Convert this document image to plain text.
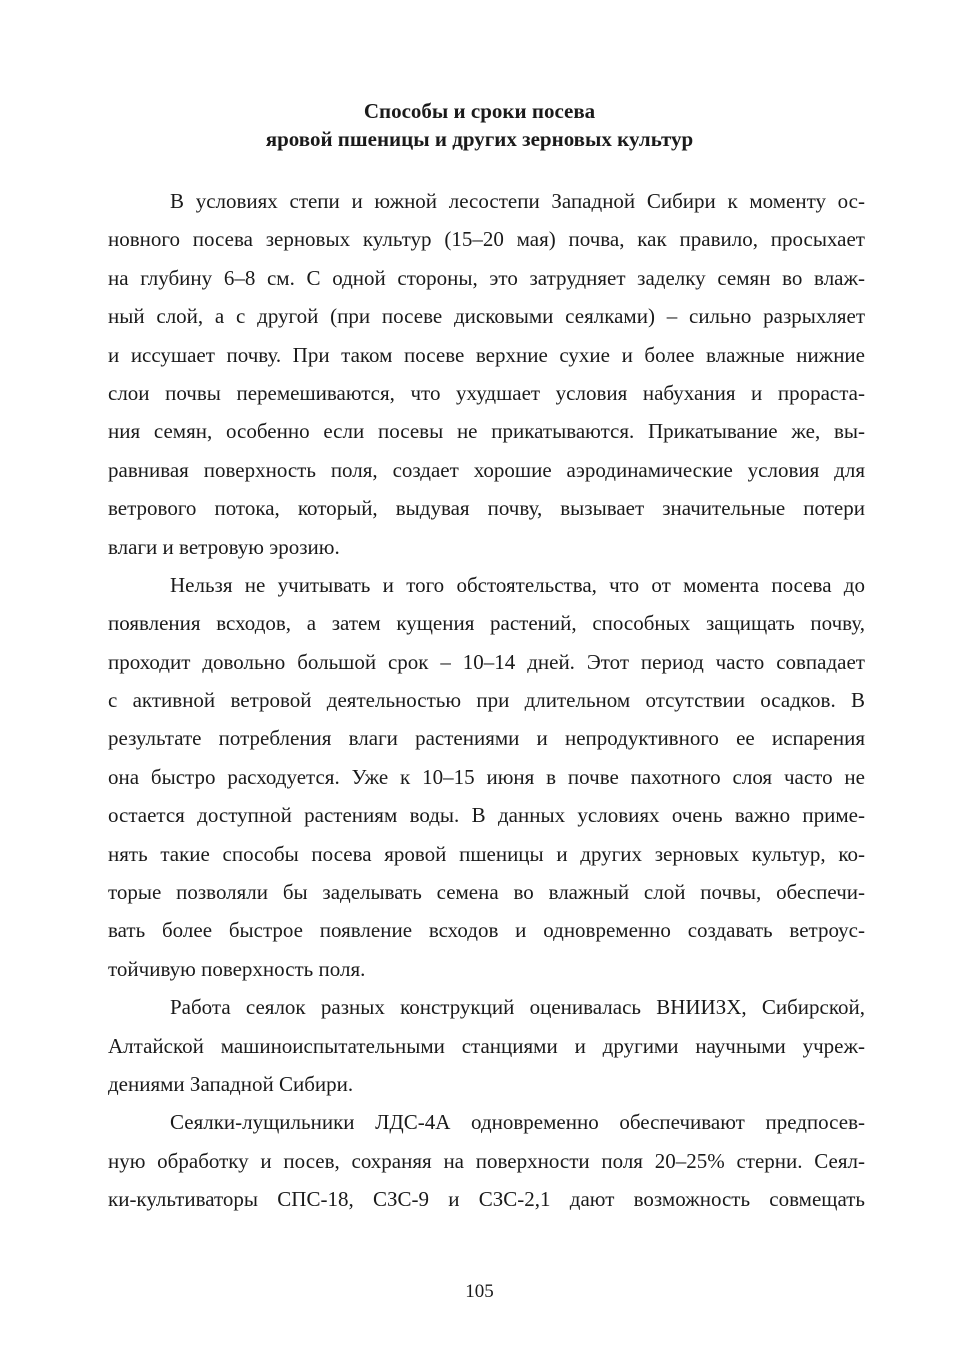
Способы и сроки посева
яровой пшеницы и других зерновых культур
В условиях степи и южной лесостепи Западной Сибири к моменту ос-
новного посева зерновых культур (15–20 мая) почва, как правило, просыхает
на глубину 6–8 см. С одной стороны, это затрудняет заделку семян во влаж-
ный слой, а с другой (при посеве дисковыми сеялками) – сильно разрыхляет
и иссушает почву. При таком посеве верхние сухие и более влажные нижние
слои почвы перемешиваются, что ухудшает условия набухания и прораста-
ния семян, особенно если посевы не прикатываются. Прикатывание же, вы-
равнивая поверхность поля, создает хорошие аэродинамические условия для
ветрового потока, который, выдувая почву, вызывает значительные потери
влаги и ветровую эрозию.
Нельзя не учитывать и того обстоятельства, что от момента посева до
появления всходов, а затем кущения растений, способных защищать почву,
проходит довольно большой срок – 10–14 дней. Этот период часто совпадает
с активной ветровой деятельностью при длительном отсутствии осадков. В
результате потребления влаги растениями и непродуктивного ее испарения
она быстро расходуется. Уже к 10–15 июня в почве пахотного слоя часто не
остается доступной растениям воды. В данных условиях очень важно приме-
нять такие способы посева яровой пшеницы и других зерновых культур, ко-
торые позволяли бы заделывать семена во влажный слой почвы, обеспечи-
вать более быстрое появление всходов и одновременно создавать ветроус-
тойчивую поверхность поля.
Работа сеялок разных конструкций оценивалась ВНИИЗХ, Сибирской,
Алтайской машиноиспытательными станциями и другими научными учреж-
дениями Западной Сибири.
Сеялки-лущильники ЛДС-4А одновременно обеспечивают предпосев-
ную обработку и посев, сохраняя на поверхности поля 20–25% стерни. Сеял-
ки-культиваторы СПС-18, СЗС-9 и СЗС-2,1 дают возможность совмещать
105
